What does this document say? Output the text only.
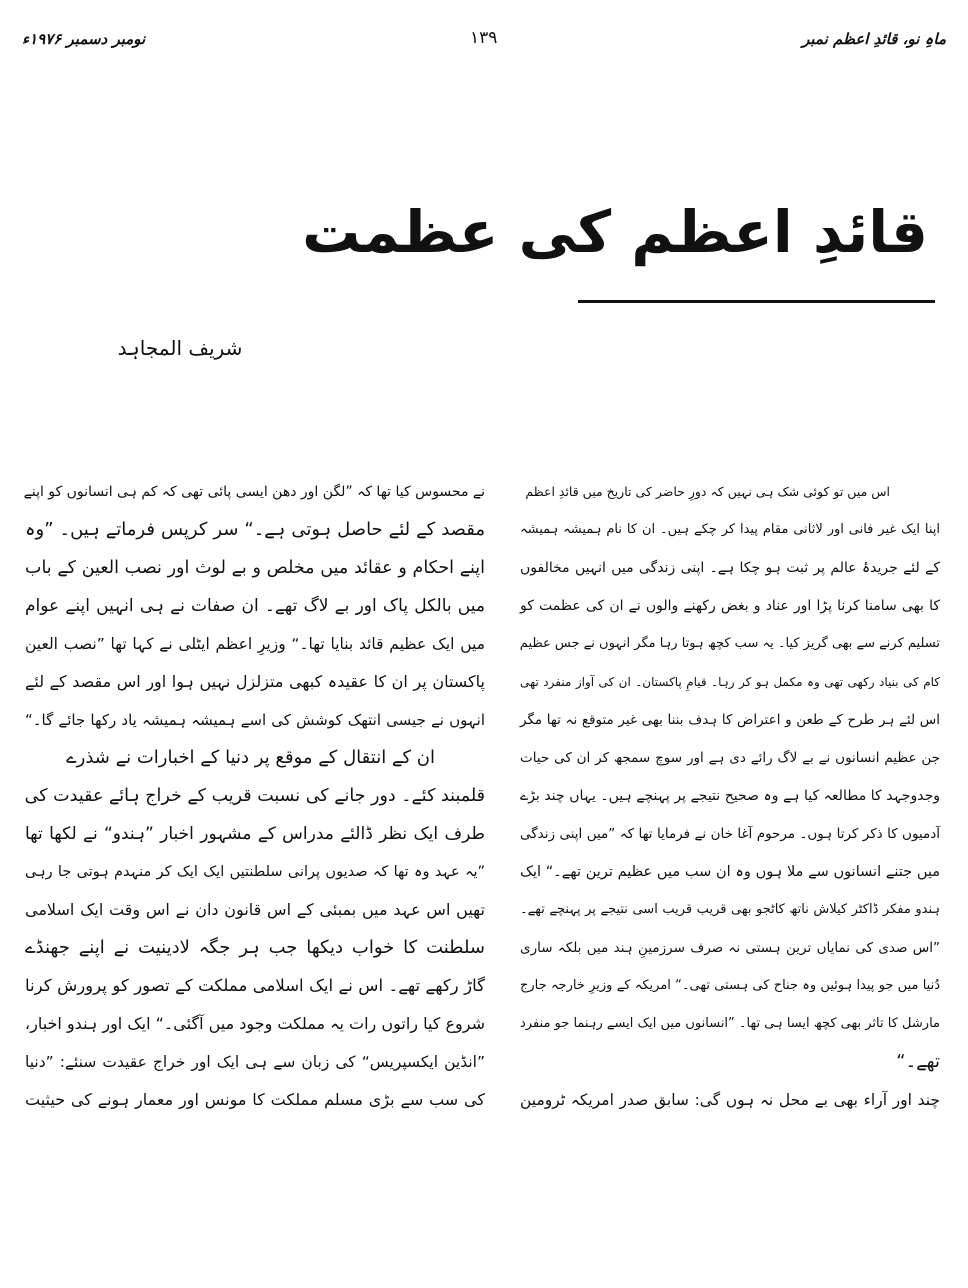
ماہِ نو، قائدِ اعظم نمبر
۱۳۹
نومبر دسمبر ۱۹۷۶ء
قائدِ اعظم کی عظمت
شریف المجاہد
اس میں تو کوئی شک ہی نہیں کہ دورِ حاضر کی تاریخ میں قائدِ اعظم
اپنا ایک غیر فانی اور لاثانی مقام پیدا کر چکے ہیں۔ ان کا نام ہمیشہ ہمیشہ
کے لئے جریدۂ عالم پر ثبت ہو چکا ہے۔ اپنی زندگی میں انہیں مخالفوں
کا بھی سامنا کرنا پڑا اور عناد و بغض رکھنے والوں نے ان کی عظمت کو
تسلیم کرنے سے بھی گریز کیا۔ یہ سب کچھ ہوتا رہا مگر انہوں نے جس عظیم
کام کی بنیاد رکھی تھی وہ مکمل ہو کر رہا۔ قیامِ پاکستان۔ ان کی آواز منفرد تھی
اس لئے ہر طرح کے طعن و اعتراض کا ہدف بننا بھی غیر متوقع نہ تھا مگر
جن عظیم انسانوں نے بے لاگ رائے دی ہے اور سوچ سمجھ کر ان کی حیات
وجدوجہد کا مطالعہ کیا ہے وہ صحیح نتیجے پر پہنچے ہیں۔ یہاں چند بڑے
آدمیوں کا ذکر کرتا ہوں۔ مرحوم آغا خان نے فرمایا تھا کہ ”میں اپنی زندگی
میں جتنے انسانوں سے ملا ہوں وہ ان سب میں عظیم ترین تھے۔“ ایک
ہندو مفکر ڈاکٹر کیلاش ناتھ کاٹجو بھی قریب قریب اسی نتیجے پر پہنچے تھے۔
”اس صدی کی نمایاں ترین ہستی نہ صرف سرزمینِ ہند میں بلکہ ساری
دُنیا میں جو پیدا ہوئیں وہ جناح کی ہستی تھی۔“ امریکہ کے وزیرِ خارجہ جارج
مارشل کا تاثر بھی کچھ ایسا ہی تھا۔ ”انسانوں میں ایک ایسے رہنما جو منفرد
تھے۔“
چند اور آراء بھی بے محل نہ ہوں گی: سابق صدر امریکہ ٹرومین
نے محسوس کیا تھا کہ ”لگن اور دھن ایسی پائی تھی کہ کم ہی انسانوں کو اپنے
مقصد کے لئے حاصل ہوتی ہے۔“ سر کرپس فرماتے ہیں۔ ”وہ
اپنے احکام و عقائد میں مخلص و بے لوث اور نصب العین کے باب
میں بالکل پاک اور بے لاگ تھے۔ ان صفات نے ہی انہیں اپنے عوام
میں ایک عظیم قائد بنایا تھا۔“ وزیرِ اعظم ایٹلی نے کہا تھا ”نصب العین
پاکستان پر ان کا عقیدہ کبھی متزلزل نہیں ہوا اور اس مقصد کے لئے
انہوں نے جیسی انتھک کوشش کی اسے ہمیشہ ہمیشہ یاد رکھا جائے گا۔“
ان کے انتقال کے موقع پر دنیا کے اخبارات نے شذرے
قلمبند کئے۔ دور جانے کی نسبت قریب کے خراج ہائے عقیدت کی
طرف ایک نظر ڈالئے مدراس کے مشہور اخبار ”ہندو“ نے لکھا تھا
”یہ عہد وہ تھا کہ صدیوں پرانی سلطنتیں ایک ایک کر منہدم ہوتی جا رہی
تھیں اس عہد میں بمبئی کے اس قانون دان نے اس وقت ایک اسلامی
سلطنت کا خواب دیکھا جب ہر جگہ لادینیت نے اپنے جھنڈے
گاڑ رکھے تھے۔ اس نے ایک اسلامی مملکت کے تصور کو پرورش کرنا
شروع کیا راتوں رات یہ مملکت وجود میں آگئی۔“ ایک اور ہندو اخبار،
”انڈین ایکسپریس“ کی زبان سے ہی ایک اور خراج عقیدت سنئے: ”دنیا
کی سب سے بڑی مسلم مملکت کا مونس اور معمار ہونے کی حیثیت
